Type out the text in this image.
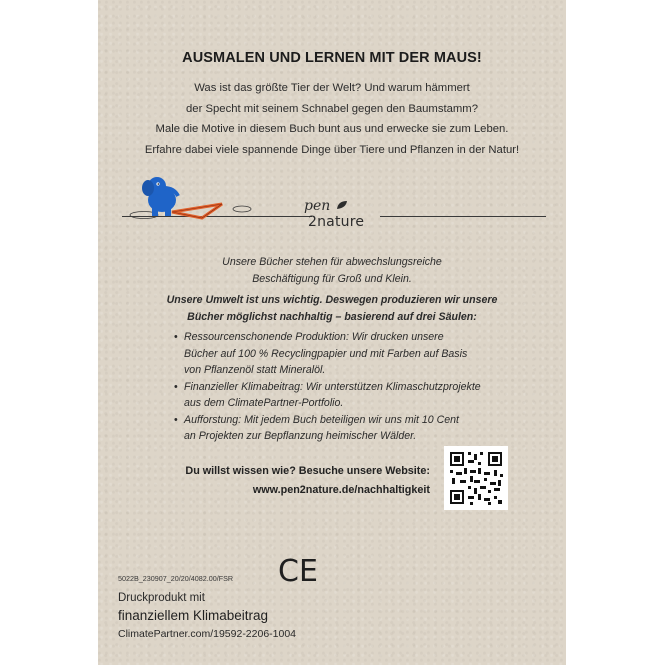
AUSMALEN UND LERNEN MIT DER MAUS!
Was ist das größte Tier der Welt? Und warum hämmert
der Specht mit seinem Schnabel gegen den Baumstamm?
Male die Motive in diesem Buch bunt aus und erwecke sie zum Leben.
Erfahre dabei viele spannende Dinge über Tiere und Pflanzen in der Natur!
pen
2nature
Unsere Bücher stehen für abwechslungsreiche
Beschäftigung für Groß und Klein.
Unsere Umwelt ist uns wichtig. Deswegen produzieren wir unsere
Bücher möglichst nachhaltig – basierend auf drei Säulen:
• Ressourcenschonende Produktion: Wir drucken unsere
Bücher auf 100 % Recyclingpapier und mit Farben auf Basis
von Pflanzenöl statt Mineralöl.
• Finanzieller Klimabeitrag: Wir unterstützen Klimaschutzprojekte
aus dem ClimatePartner-Portfolio.
• Aufforstung: Mit jedem Buch beteiligen wir uns mit 10 Cent
an Projekten zur Bepflanzung heimischer Wälder.
Du willst wissen wie? Besuche unsere Website:
www.pen2nature.de/nachhaltigkeit
CE
5022B_230907_20/20/4082.00/FSR
Druckprodukt mit
finanziellem Klimabeitrag
ClimatePartner.com/19592-2206-1004
